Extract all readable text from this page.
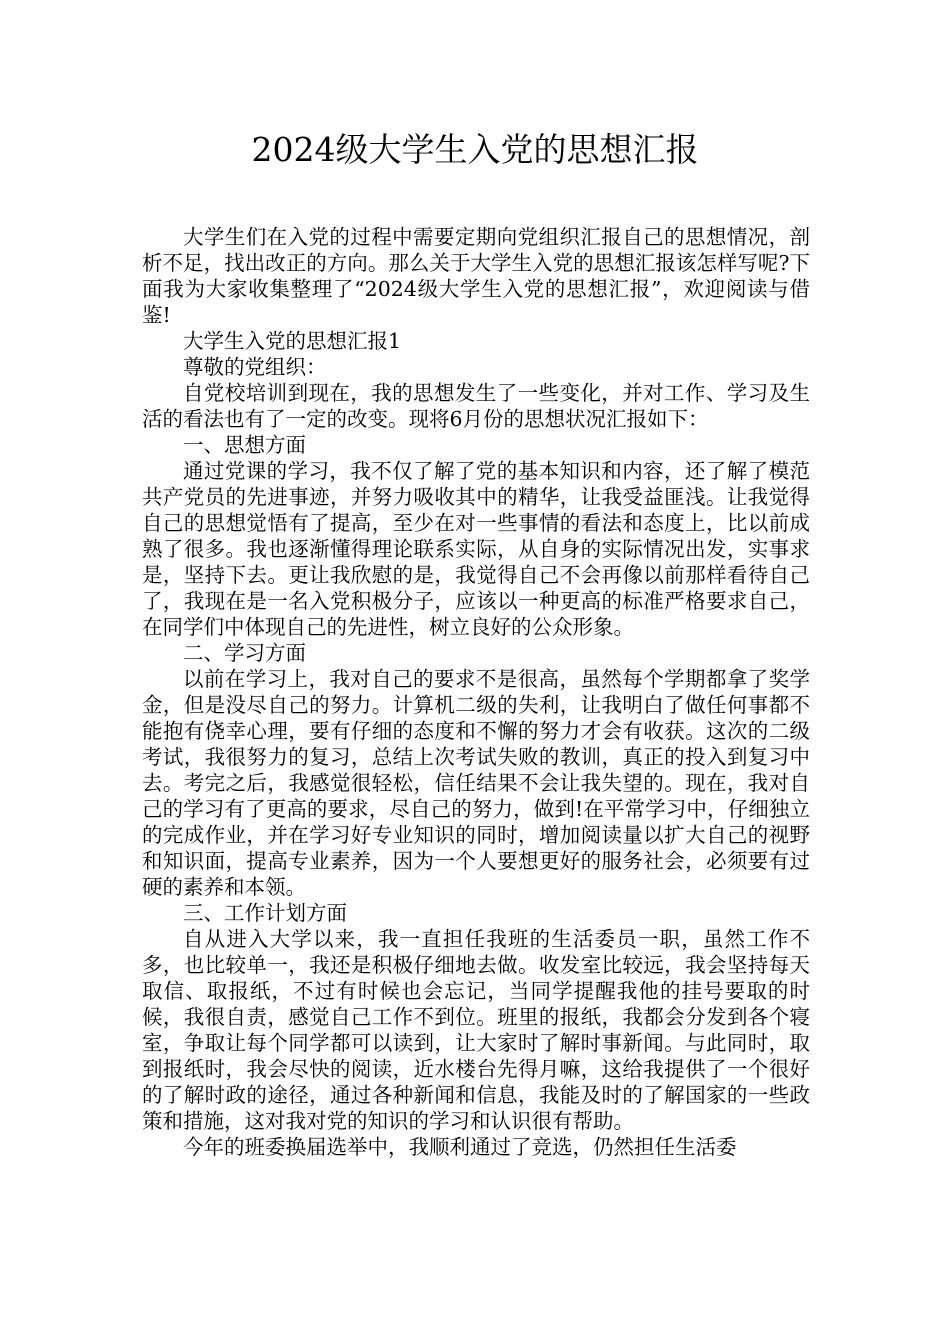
2024级大学生入党的思想汇报

大学生们在入党的过程中需要定期向党组织汇报自己的思想情况，剖析不足，找出改正的方向。那么关于大学生入党的思想汇报该怎样写呢?下面我为大家收集整理了“2024级大学生入党的思想汇报”，欢迎阅读与借鉴!

大学生入党的思想汇报1

尊敬的党组织：

自党校培训到现在，我的思想发生了一些变化，并对工作、学习及生活的看法也有了一定的改变。现将6月份的思想状况汇报如下：

一、思想方面

通过党课的学习，我不仅了解了党的基本知识和内容，还了解了模范共产党员的先进事迹，并努力吸收其中的精华，让我受益匪浅。让我觉得自己的思想觉悟有了提高，至少在对一些事情的看法和态度上，比以前成熟了很多。我也逐渐懂得理论联系实际，从自身的实际情况出发，实事求是，坚持下去。更让我欣慰的是，我觉得自己不会再像以前那样看待自己了，我现在是一名入党积极分子，应该以一种更高的标准严格要求自己，在同学们中体现自己的先进性，树立良好的公众形象。

二、学习方面

以前在学习上，我对自己的要求不是很高，虽然每个学期都拿了奖学金，但是没尽自己的努力。计算机二级的失利，让我明白了做任何事都不能抱有侥幸心理，要有仔细的态度和不懈的努力才会有收获。这次的二级考试，我很努力的复习，总结上次考试失败的教训，真正的投入到复习中去。考完之后，我感觉很轻松，信任结果不会让我失望的。现在，我对自己的学习有了更高的要求，尽自己的努力，做到!在平常学习中，仔细独立的完成作业，并在学习好专业知识的同时，增加阅读量以扩大自己的视野和知识面，提高专业素养，因为一个人要想更好的服务社会，必须要有过硬的素养和本领。

三、工作计划方面

自从进入大学以来，我一直担任我班的生活委员一职，虽然工作不多，也比较单一，我还是积极仔细地去做。收发室比较远，我会坚持每天取信、取报纸，不过有时候也会忘记，当同学提醒我他的挂号要取的时候，我很自责，感觉自己工作不到位。班里的报纸，我都会分发到各个寝室，争取让每个同学都可以读到，让大家时了解时事新闻。与此同时，取到报纸时，我会尽快的阅读，近水楼台先得月嘛，这给我提供了一个很好的了解时政的途径，通过各种新闻和信息，我能及时的了解国家的一些政策和措施，这对我对党的知识的学习和认识很有帮助。

今年的班委换届选举中，我顺利通过了竞选，仍然担任生活委
